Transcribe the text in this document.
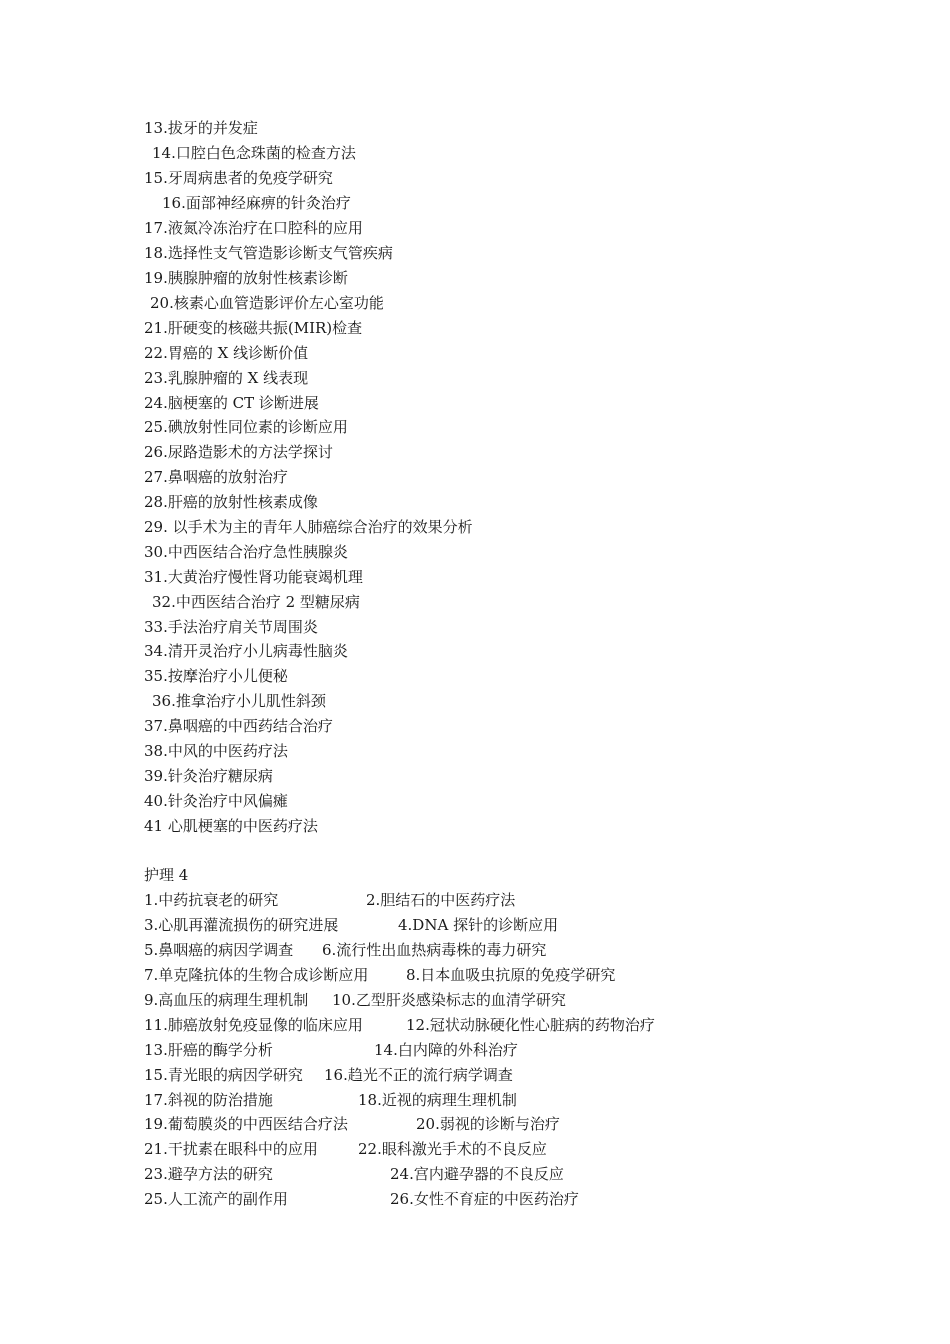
13.拔牙的并发症
14.口腔白色念珠菌的检查方法
15.牙周病患者的免疫学研究
16.面部神经麻痹的针灸治疗
17.液氮冷冻治疗在口腔科的应用
18.选择性支气管造影诊断支气管疾病
19.胰腺肿瘤的放射性核素诊断
20.核素心血管造影评价左心室功能
21.肝硬变的核磁共振(MIR)检查
22.胃癌的 X 线诊断价值
23.乳腺肿瘤的 X 线表现
24.脑梗塞的 CT 诊断进展
25.碘放射性同位素的诊断应用
26.尿路造影术的方法学探讨
27.鼻咽癌的放射治疗
28.肝癌的放射性核素成像
29. 以手术为主的青年人肺癌综合治疗的效果分析
30.中西医结合治疗急性胰腺炎
31.大黄治疗慢性肾功能衰竭机理
32.中西医结合治疗 2 型糖尿病
33.手法治疗肩关节周围炎
34.清开灵治疗小儿病毒性脑炎
35.按摩治疗小儿便秘
36.推拿治疗小儿肌性斜颈
37.鼻咽癌的中西药结合治疗
38.中风的中医药疗法
39.针灸治疗糖尿病
40.针灸治疗中风偏瘫
41 心肌梗塞的中医药疗法
护理 4
1.中药抗衰老的研究	2.胆结石的中医药疗法
3.心肌再灌流损伤的研究进展	4.DNA 探针的诊断应用
5.鼻咽癌的病因学调查 6.流行性出血热病毒株的毒力研究
7.单克隆抗体的生物合成诊断应用	8.日本血吸虫抗原的免疫学研究
9.高血压的病理生理机制 10.乙型肝炎感染标志的血清学研究
11.肺癌放射免疫显像的临床应用	12.冠状动脉硬化性心脏病的药物治疗
13.肝癌的酶学分析	14.白内障的外科治疗
15.青光眼的病因学研究 16.趋光不正的流行病学调查
17.斜视的防治措施	18.近视的病理生理机制
19.葡萄膜炎的中西医结合疗法	20.弱视的诊断与治疗
21.干扰素在眼科中的应用	22.眼科激光手术的不良反应
23.避孕方法的研究	24.宫内避孕器的不良反应
25.人工流产的副作用	26.女性不育症的中医药治疗
